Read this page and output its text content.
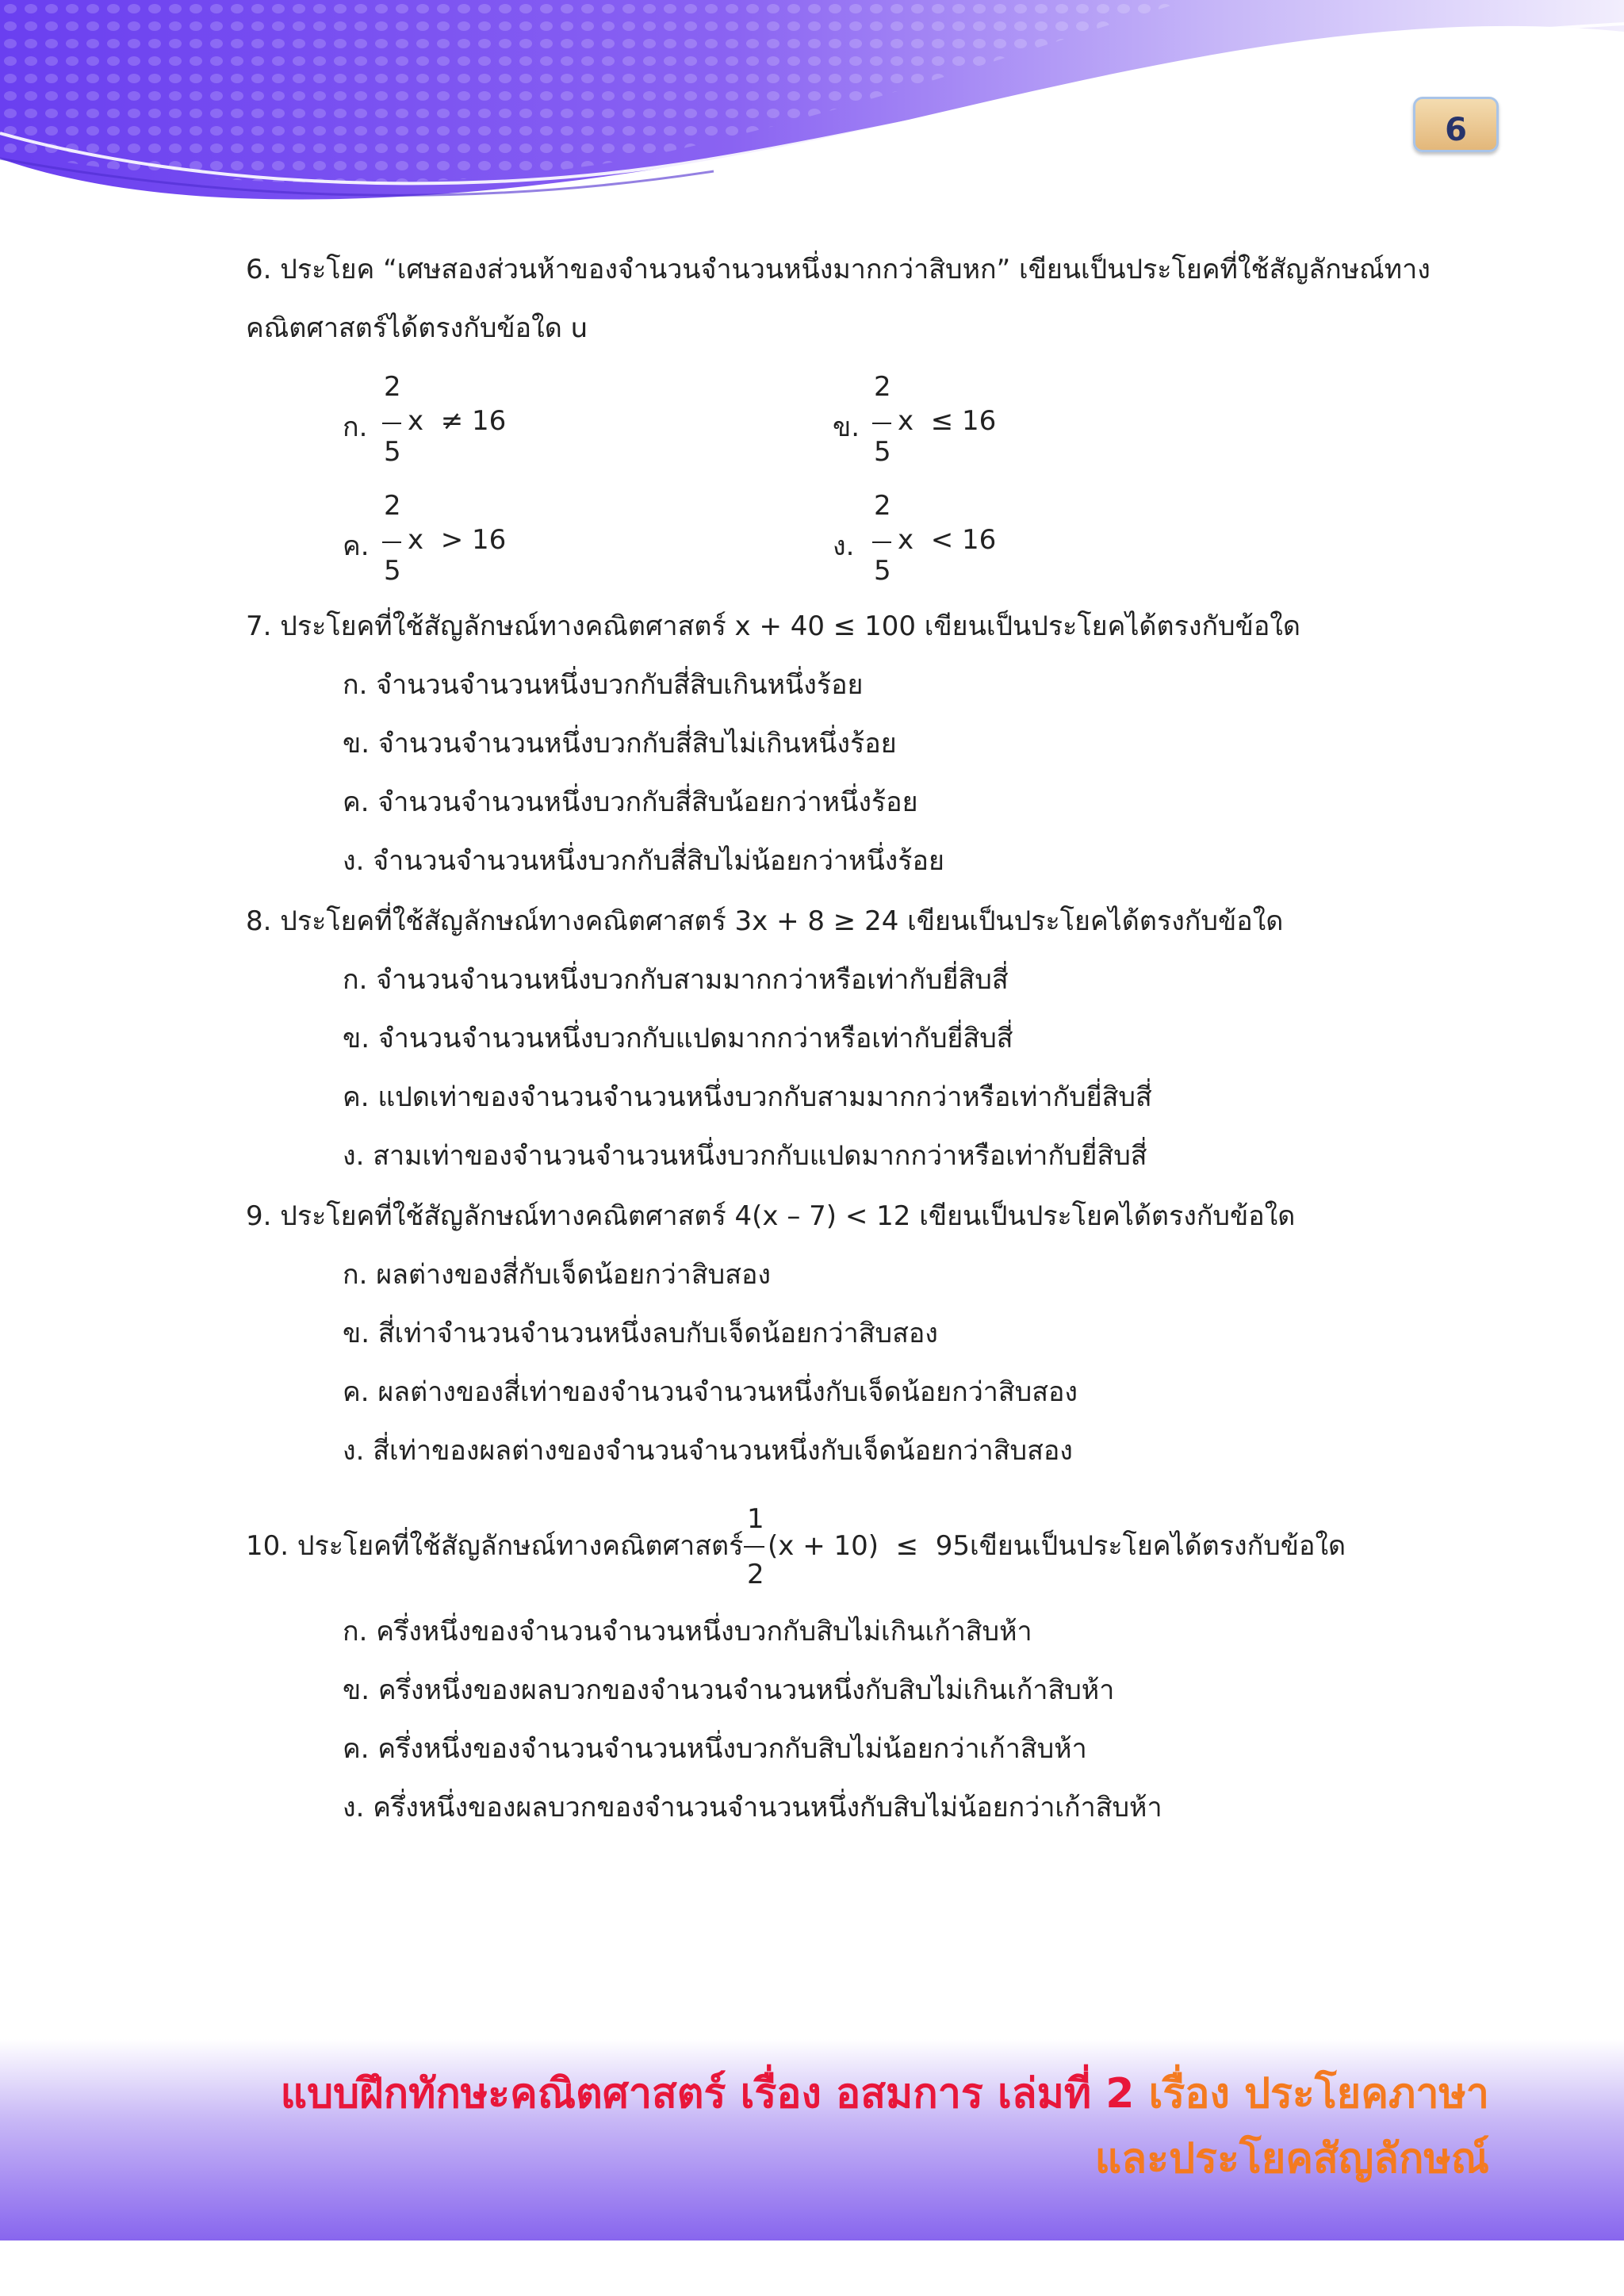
6
6. ประโยค “เศษสองส่วนห้าของจำนวนจำนวนหนึ่งมากกว่าสิบหก” เขียนเป็นประโยคที่ใช้สัญลักษณ์ทาง
คณิตศาสตร์ได้ตรงกับข้อใด u
ก.
2
5
x  ≠ 16	ข.
2
5
x  ≤ 16
ค.
2
5
x  > 16	ง.
2
5
x  < 16
7. ประโยคที่ใช้สัญลักษณ์ทางคณิตศาสตร์ x + 40 ≤ 100 เขียนเป็นประโยคได้ตรงกับข้อใด
ก. จำนวนจำนวนหนึ่งบวกกับสี่สิบเกินหนึ่งร้อย
ข. จำนวนจำนวนหนึ่งบวกกับสี่สิบไม่เกินหนึ่งร้อย
ค. จำนวนจำนวนหนึ่งบวกกับสี่สิบน้อยกว่าหนึ่งร้อย
ง. จำนวนจำนวนหนึ่งบวกกับสี่สิบไม่น้อยกว่าหนึ่งร้อย
8. ประโยคที่ใช้สัญลักษณ์ทางคณิตศาสตร์ 3x + 8 ≥ 24 เขียนเป็นประโยคได้ตรงกับข้อใด
ก. จำนวนจำนวนหนึ่งบวกกับสามมากกว่าหรือเท่ากับยี่สิบสี่
ข. จำนวนจำนวนหนึ่งบวกกับแปดมากกว่าหรือเท่ากับยี่สิบสี่
ค. แปดเท่าของจำนวนจำนวนหนึ่งบวกกับสามมากกว่าหรือเท่ากับยี่สิบสี่
ง. สามเท่าของจำนวนจำนวนหนึ่งบวกกับแปดมากกว่าหรือเท่ากับยี่สิบสี่
9. ประโยคที่ใช้สัญลักษณ์ทางคณิตศาสตร์ 4(x – 7) < 12 เขียนเป็นประโยคได้ตรงกับข้อใด
ก. ผลต่างของสี่กับเจ็ดน้อยกว่าสิบสอง
ข. สี่เท่าจำนวนจำนวนหนึ่งลบกับเจ็ดน้อยกว่าสิบสอง
ค. ผลต่างของสี่เท่าของจำนวนจำนวนหนึ่งกับเจ็ดน้อยกว่าสิบสอง
ง. สี่เท่าของผลต่างของจำนวนจำนวนหนึ่งกับเจ็ดน้อยกว่าสิบสอง
10. ประโยคที่ใช้สัญลักษณ์ทางคณิตศาสตร์
1
2
(x + 10)  ≤  95เขียนเป็นประโยคได้ตรงกับข้อใด
ก. ครึ่งหนึ่งของจำนวนจำนวนหนึ่งบวกกับสิบไม่เกินเก้าสิบห้า
ข. ครึ่งหนึ่งของผลบวกของจำนวนจำนวนหนึ่งกับสิบไม่เกินเก้าสิบห้า
ค. ครึ่งหนึ่งของจำนวนจำนวนหนึ่งบวกกับสิบไม่น้อยกว่าเก้าสิบห้า
ง. ครึ่งหนึ่งของผลบวกของจำนวนจำนวนหนึ่งกับสิบไม่น้อยกว่าเก้าสิบห้า
แบบฝึกทักษะคณิตศาสตร์ เรื่อง อสมการ เล่มที่ 2 เรื่อง ประโยคภาษา
และประโยคสัญลักษณ์
